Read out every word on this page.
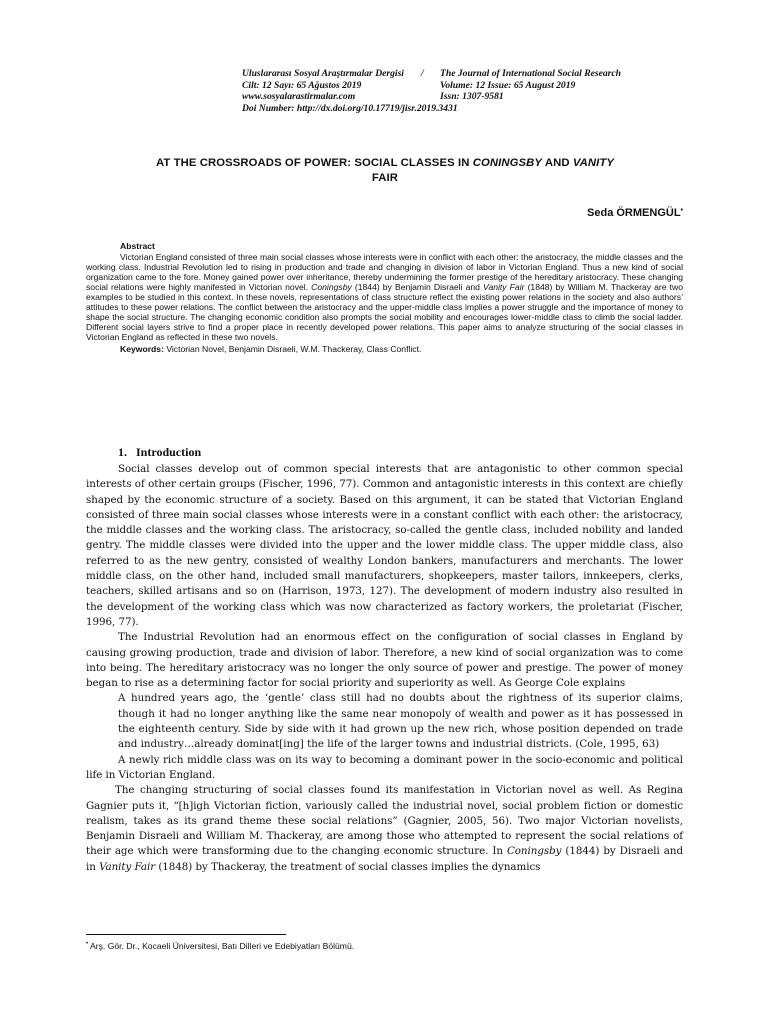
Uluslararası Sosyal Araştırmalar Dergisi	/	The Journal of International Social Research
Cilt: 12 Sayı: 65 Ağustos 2019	Volume: 12 Issue: 65 August 2019
www.sosyalarastirmalar.com	Issn: 1307-9581
Doi Number: http://dx.doi.org/10.17719/jisr.2019.3431
AT THE CROSSROADS OF POWER: SOCIAL CLASSES IN CONINGSBY AND VANITY
FAIR
Seda ÖRMENGÜL•
Abstract

Victorian England consisted of three main social classes whose interests were in conflict with each other: the aristocracy, the middle classes and the working class. Industrial Revolution led to rising in production and trade and changing in division of labor in Victorian England. Thus a new kind of social organization came to the fore. Money gained power over inheritance, thereby undermining the former prestige of the hereditary aristocracy. These changing social relations were highly manifested in Victorian novel. Coningsby (1844) by Benjamin Disraeli and Vanity Fair (1848) by William M. Thackeray are two examples to be studied in this context. In these novels, representations of class structure reflect the existing power relations in the society and also authors’ attitudes to these power relations. The conflict between the aristocracy and the upper-middle class implies a power struggle and the importance of money to shape the social structure. The changing economic condition also prompts the social mobility and encourages lower-middle class to climb the social ladder. Different social layers strive to find a proper place in recently developed power relations. This paper aims to analyze structuring of the social classes in Victorian England as reflected in these two novels.

Keywords: Victorian Novel, Benjamin Disraeli, W.M. Thackeray, Class Conflict.
1. Introduction

Social classes develop out of common special interests that are antagonistic to other common special interests of other certain groups (Fischer, 1996, 77). Common and antagonistic interests in this context are chiefly shaped by the economic structure of a society. Based on this argument, it can be stated that Victorian England consisted of three main social classes whose interests were in a constant conflict with each other: the aristocracy, the middle classes and the working class. The aristocracy, so-called the gentle class, included nobility and landed gentry. The middle classes were divided into the upper and the lower middle class. The upper middle class, also referred to as the new gentry, consisted of wealthy London bankers, manufacturers and merchants. The lower middle class, on the other hand, included small manufacturers, shopkeepers, master tailors, innkeepers, clerks, teachers, skilled artisans and so on (Harrison, 1973, 127). The development of modern industry also resulted in the development of the working class which was now characterized as factory workers, the proletariat (Fischer, 1996, 77).

The Industrial Revolution had an enormous effect on the configuration of social classes in England by causing growing production, trade and division of labor. Therefore, a new kind of social organization was to come into being. The hereditary aristocracy was no longer the only source of power and prestige. The power of money began to rise as a determining factor for social priority and superiority as well. As George Cole explains

A hundred years ago, the ‘gentle’ class still had no doubts about the rightness of its superior claims, though it had no longer anything like the same near monopoly of wealth and power as it has possessed in the eighteenth century. Side by side with it had grown up the new rich, whose position depended on trade and industry…already dominat[ing] the life of the larger towns and industrial districts. (Cole, 1995, 63)

A newly rich middle class was on its way to becoming a dominant power in the socio-economic and political life in Victorian England.

The changing structuring of social classes found its manifestation in Victorian novel as well. As Regina Gagnier puts it, “[h]igh Victorian fiction, variously called the industrial novel, social problem fiction or domestic realism, takes as its grand theme these social relations” (Gagnier, 2005, 56). Two major Victorian novelists, Benjamin Disraeli and William M. Thackeray, are among those who attempted to represent the social relations of their age which were transforming due to the changing economic structure. In Coningsby (1844) by Disraeli and in Vanity Fair (1848) by Thackeray, the treatment of social classes implies the dynamics

• Arş. Gör. Dr., Kocaeli Üniversitesi, Batı Dilleri ve Edebiyatları Bölümü.
